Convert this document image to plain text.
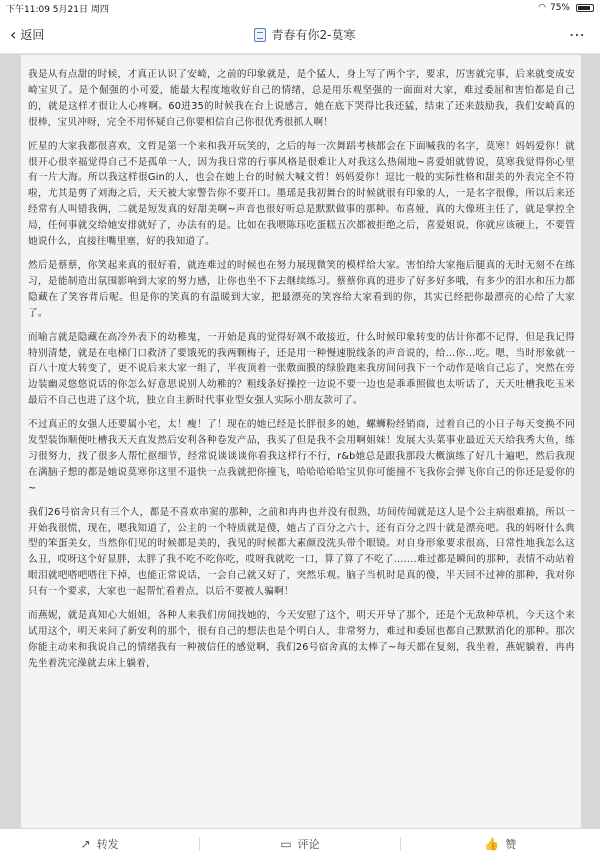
下午11:09 5月21日 周四	◠ 75%
‹ 返回	青春有你2-莫寒	⋯

我是从有点甜的时候，才真正认识了安崎，之前的印象就是，是个猛人，身上写了两个字，要求，厉害就完事，后来就变成安崎宝贝了。是个倔强的小可爱，能最大程度地收好自己的情绪，总是用乐观坚强的一面面对大家，难过委屈和害怕都是自己的，就是这样才很让人心疼啊。60进35的时候我在台上说感言，她在底下哭得比我还猛，结束了还来鼓励我，我们安崎真的很棒，宝贝冲呀，完全不用怀疑自己你要相信自己你很优秀很抓人啊！

匠星的大家我都很喜欢，文哲是第一个来和我开玩笑的，之后的每一次舞蹈考核都会在下面喊我的名字，莫寒！妈妈爱你！就很开心很幸福觉得自己不是孤单一人，因为我日常的行事风格是很难让人对我这么热闹地~喜爱姐就曾说，莫寒我觉得你心里有一片大海。所以我这样很Gin的人，也会在她上台的时候大喊文哲！妈妈爱你！逗比一般的实际性格和甜美的外表完全不符啦，尤其是剪了刘海之后，天天被大家警告你不要开口。墨瑶是我初舞台的时候就很有印象的人，一是名字很像，所以后来还经常有人叫错我俩，二就是短发真的好甜美啊~声音也很好听总是默默做事的那种。布喜娅，真的大像班主任了，就是掌控全局，任何事就交给她安排就好了，办法有的是。比如在我喂陈珏吃蛋糕五次都被拒绝之后，喜爱姐说，你就应该硬上，不要管她说什么，直接往嘴里塞，好的我知道了。

然后是蔡蔡，你笑起来真的很好看，就连难过的时候也在努力展现微笑的模样给大家。害怕给大家拖后腿真的无时无刻不在练习，是能制造出氛围影响到大家的努力感，让你也坐不下去继续练习。蔡蔡你真的进步了好多好多哦，有多少的泪水和压力都隐藏在了笑容背后呢。但是你的笑真的有温暖到大家，把最漂亮的笑容给大家看到的你，其实已经把你最漂亮的心给了大家了。

而喻言就是隐藏在高冷外表下的幼稚鬼，一开始是真的觉得好飒不敢接近，什么时候印象转变的估计你都不记得，但是我记得特别清楚，就是在电梯门口救济了要饿死的我两颗梅子，还是用一种慢速脱线条的声音说的，给...你...吃。嗯，当时形象就一百八十度大转变了，更不说后来大家一组了，半夜顶着一张敷面膜的绿脸跑来我房间问我下一个动作是啥自己忘了，突然在旁边装幽灵悠悠说话的你怎么好意思说别人幼稚的？粗线条好操控一边说不要一边也是乖乖照做也太听话了，天天吐槽我吃玉米最后不自己也进了这个坑，独立自主新时代事业型女强人实际小朋友款可了。

不过真正的女强人还要属小宅，太！瘦！了！现在的她已经是长胖很多的她，螺蛳粉经销商，过着自己的小日子每天变换不同发型装饰顺便吐槽我天天直发然后安利各种卷发产品，我买了但是我不会用啊姐妹！发展大头菜事业最近天天给我秀大鱼，练习很努力，找了很多人帮忙抠细节，经常说谈谈谈你看我这样行不行，r&b她总是跟我那段大概演练了好几十遍吧，然后我现在满脑子想的都是她说莫寒你这里不退快一点我就把你撞飞，哈哈哈哈哈宝贝你可能撞不飞我你会弹飞你自己的你还是爱你的~

我们26号宿舍只有三个人，都是不喜欢串窦的那种，之前和冉冉也并没有很熟，坊间传闻就是这人是个公主病很难搞，所以一开始我很慌，现在，嗯我知道了，公主的一个特质就是傻，她占了百分之六十，还有百分之四十就是漂亮吧。我的妈呀什么典型的笨蛋美女，当然你们见的时候都是美的，我见的时候都大素颜没洗头带个眼镜。对自身形象要求很高，日常性地我怎么这么丑，哎呀这个好显胖，太胖了我不吃不吃你吃，哎呀我就吃一口，算了算了不吃了.......难过都是瞬间的那种，表情不动站着眼泪就吧嗒吧嗒往下掉，也能正常说话，一会自己就又好了，突然乐观。脑子当机时是真的傻，半天回不过神的那种，我对你只有一个要求，大家也一起帮忙看着点，以后不要被人骗啊！

而燕妮，就是真知心大姐姐，各种人来我们房间找她的，今天安慰了这个，明天开导了那个，还是个无敌种草机，今天这个来试用这个，明天来问了新安利的那个，很有自己的想法也是个明白人，非常努力，难过和委屈也都自己默默消化的那种。那次你能主动来和我说自己的情绪我有一种被信任的感觉啊，我们26号宿舍真的太棒了~每天都在复刻，我坐着，燕妮躺着，冉冉先坐着洗完澡就去床上躺着，

↗ 转发	▭ 评论	👍 赞
